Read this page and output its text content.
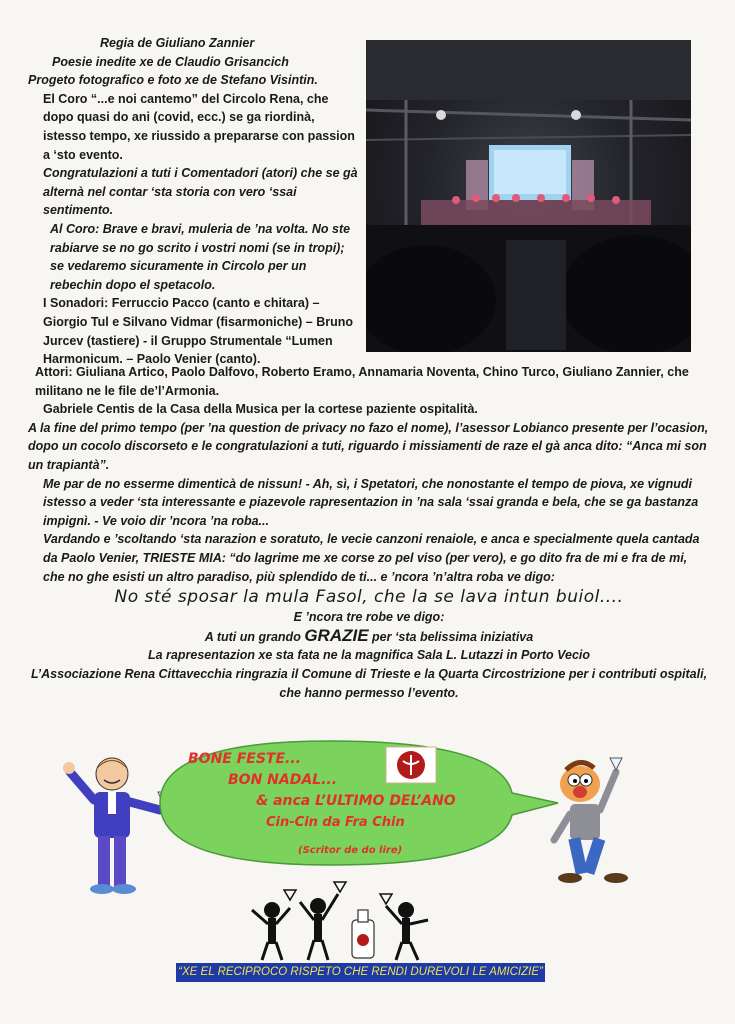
Regia de Giuliano Zannier

Poesie inedite xe de Claudio Grisancich

Progeto fotografico e foto xe de Stefano Visintin.

El Coro “...e noi cantemo” del Circolo Rena, che dopo quasi do ani (covid, ecc.) se ga riordinà, istesso tempo, xe riussido a prepararse con passion a ‘sto evento.

Congratulazioni a tuti i Comentadori (atori) che se gà alternà nel contar ‘sta storia con vero ‘ssai sentimento.

Al Coro: Brave e bravi, muleria de ’na volta. No ste rabiarve se no go scrito i vostri nomi (se in tropi); se vedaremo sicuramente in Circolo per un rebechin dopo el spetacolo.

I Sonadori: Ferruccio Pacco (canto e chitara) – Giorgio Tul e Silvano Vidmar (fisarmoniche) – Bruno Jurcev (tastiere) - il Gruppo Strumentale “Lumen Harmonicum. – Paolo Venier (canto).

Attori: Giuliana Artico, Paolo Dalfovo, Roberto Eramo, Annamaria Noventa, Chino Turco, Giuliano Zannier, che militano ne le file de’l’Armonia.

Gabriele Centis de la Casa della Musica per la cortese paziente ospitalità.

A la fine del primo tempo (per ’na question de privacy no fazo el nome), l’asessor Lobianco presente per l’ocasion, dopo un cocolo discorseto e le congratulazioni a tuti, riguardo i missiamenti de raze el gà anca dito: “Anca mi son un trapiantà”.

Me par de no esserme dimenticà de nissun! - Ah, sì, i Spetatori, che nonostante el tempo de piova, xe vignudi istesso a veder ‘sta interessante e piazevole rapresentazion in ’na sala ‘ssai granda e bela, che se ga bastanza impignì. - Ve voio dir ’ncora ’na roba...

Vardando e ’scoltando ‘sta narazion e soratuto, le vecie canzoni renaiole, e anca e specialmente quela cantada da Paolo Venier, TRIESTE MIA: “do lagrime me xe corse zo pel viso (per vero), e go dito fra de mi e fra de mi, che no ghe esisti un altro paradiso, più splendido de ti... e ’ncora ’n’altra roba ve digo:

No sté sposar la mula Fasol, che la se lava intun buiol....

E ’ncora tre robe ve digo:

A tuti un grando GRAZIE per ‘sta belissima iniziativa

La rapresentazion xe sta fata ne la magnifica Sala L. Lutazzi in Porto Vecio

L’Associazione Rena Cittavecchia ringrazia il Comune di Trieste e la Quarta Circostrizione per i contributi ospitali, che hanno permesso l’evento.

BONE FESTE...
BON NADAL...
& anca L’ULTIMO DEL’ANO
Cin-Cin da Fra Chin
(Scritor de do lire)
“XE EL RECIPROCO RISPETO CHE RENDI DUREVOLI LE AMICIZIE”
